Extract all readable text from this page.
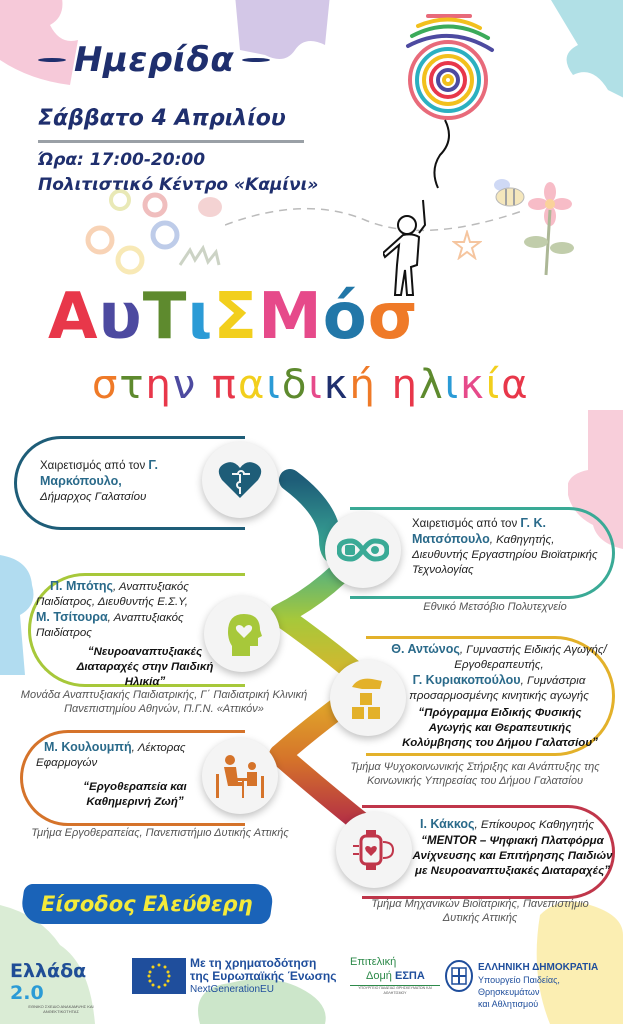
Ημερίδα
Σάββατο 4 Απριλίου
Ώρα: 17:00-20:00
Πολιτιστικό Κέντρο «Καμίνι»
ΑυΤιΣΜόσ
στην παιδική ηλικία
Χαιρετισμός από τον Γ. Μαρκόπουλο,
Δήμαρχος Γαλατσίου
Χαιρετισμός από τον Γ. Κ. Ματσόπουλο, Καθηγητής, Διευθυντής Εργαστηρίου Βιοϊατρικής Τεχνολογίας
Εθνικό Μετσόβιο Πολυτεχνείο
Π. Μπότης, Αναπτυξιακός Παιδίατρος, Διευθυντής Ε.Σ.Υ,
Μ. Τσίτουρα, Αναπτυξιακός Παιδίατρος
“Νευροαναπτυξιακές Διαταραχές στην Παιδική Ηλικία”
Μονάδα Αναπτυξιακής Παιδιατρικής, Γ΄ Παιδιατρική Κλινική Πανεπιστημίου Αθηνών, Π.Γ.Ν. «Αττικόν»
Θ. Αντώνος, Γυμναστής Ειδικής Αγωγής/ Εργοθεραπευτής,
Γ. Κυριακοπούλου, Γυμνάστρια προσαρμοσμένης κινητικής αγωγής
“Πρόγραμμα Ειδικής Φυσικής Αγωγής και Θεραπευτικής Κολύμβησης του Δήμου Γαλατσίου”
Τμήμα Ψυχοκοινωνικής Στήριξης και Ανάπτυξης της Κοινωνικής Υπηρεσίας του Δήμου Γαλατσίου
Μ. Κουλουμπή, Λέκτορας Εφαρμογών
“Εργοθεραπεία και Καθημερινή Ζωή”
Τμήμα Εργοθεραπείας, Πανεπιστήμιο Δυτικής Αττικής
Ι. Κάκκος, Επίκουρος Καθηγητής
“MENTOR – Ψηφιακή Πλατφόρμα Ανίχνευσης και Επιτήρησης Παιδιών με Νευροαναπτυξιακές Διαταραχές”
Τμήμα Μηχανικών Βιοϊατρικής, Πανεπιστήμιο Δυτικής Αττικής
Είσοδος Ελεύθερη
Ελλάδα 2.0
ΕΘΝΙΚΟ ΣΧΕΔΙΟ ΑΝΑΚΑΜΨΗΣ ΚΑΙ ΑΝΘΕΚΤΙΚΟΤΗΤΑΣ
Με τη χρηματοδότηση
της Ευρωπαϊκής Ένωσης
NextGenerationEU
Επιτελική
Δομή ΕΣΠΑ
ΥΠΟΥΡΓΕΙΟ ΠΑΙΔΕΙΑΣ ΘΡΗΣΚΕΥΜΑΤΩΝ ΚΑΙ ΑΘΛΗΤΙΣΜΟΥ
ΕΛΛΗΝΙΚΗ ΔΗΜΟΚΡΑΤΙΑ
Υπουργείο Παιδείας, Θρησκευμάτων
και Αθλητισμού
